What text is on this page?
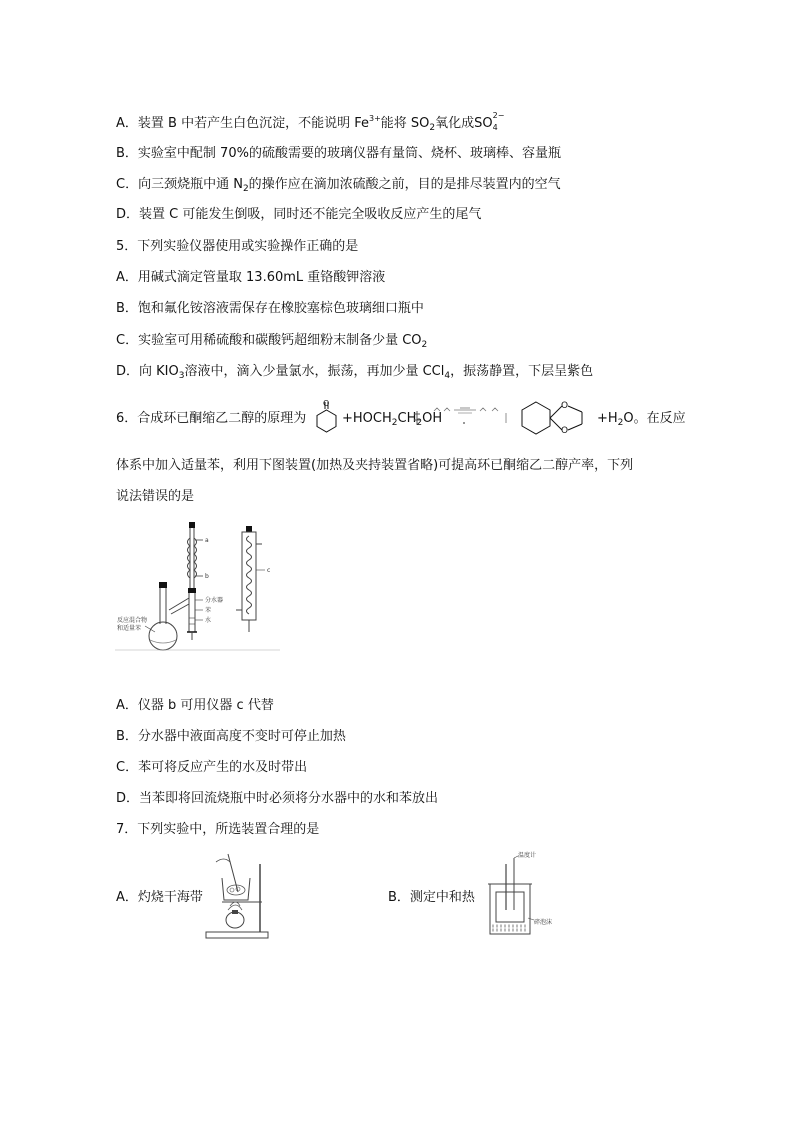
A．装置 B 中若产生白色沉淀，不能说明 $Fe^{3+}$能将 $SO_2$氧化成SO
2−
4
B．实验室中配制 70%的硫酸需要的玻璃仪器有量筒、烧杯、玻璃棒、容量瓶
C．向三颈烧瓶中通 $N_2$的操作应在滴加浓硫酸之前，目的是排尽装置内的空气
D．装置 C 可能发生倒吸，同时还不能完全吸收反应产生的尾气
5．下列实验仪器使用或实验操作正确的是
A．用碱式滴定管量取 13.60mL 重铬酸钾溶液
B．饱和氟化铵溶液需保存在橡胶塞棕色玻璃细口瓶中
C．实验室可用稀硫酸和碳酸钙超细粉末制备少量 $CO_2$
D．向 $KIO_3$溶液中，滴入少量氯水，振荡，再加少量 CCl$_4$，振荡静置，下层呈紫色
6．合成环已酮缩乙二醇的原理为
O
$+HOCH_2CH_2OH$
O
O
$+H_2O$。在反应
体系中加入适量苯，利用下图装置(加热及夹持装置省略)可提高环已酮缩乙二醇产率，下列
说法错误的是
a
b
分水器
苯
水
反应混合物
和适量苯
c
A．仪器 b 可用仪器 c 代替
B．分水器中液面高度不变时可停止加热
C．苯可将反应产生的水及时带出
D．当苯即将回流烧瓶中时必须将分水器中的水和苯放出
7．下列实验中，所选装置合理的是
A．灼烧干海带	B．测定中和热
温度计
碎泡沫
